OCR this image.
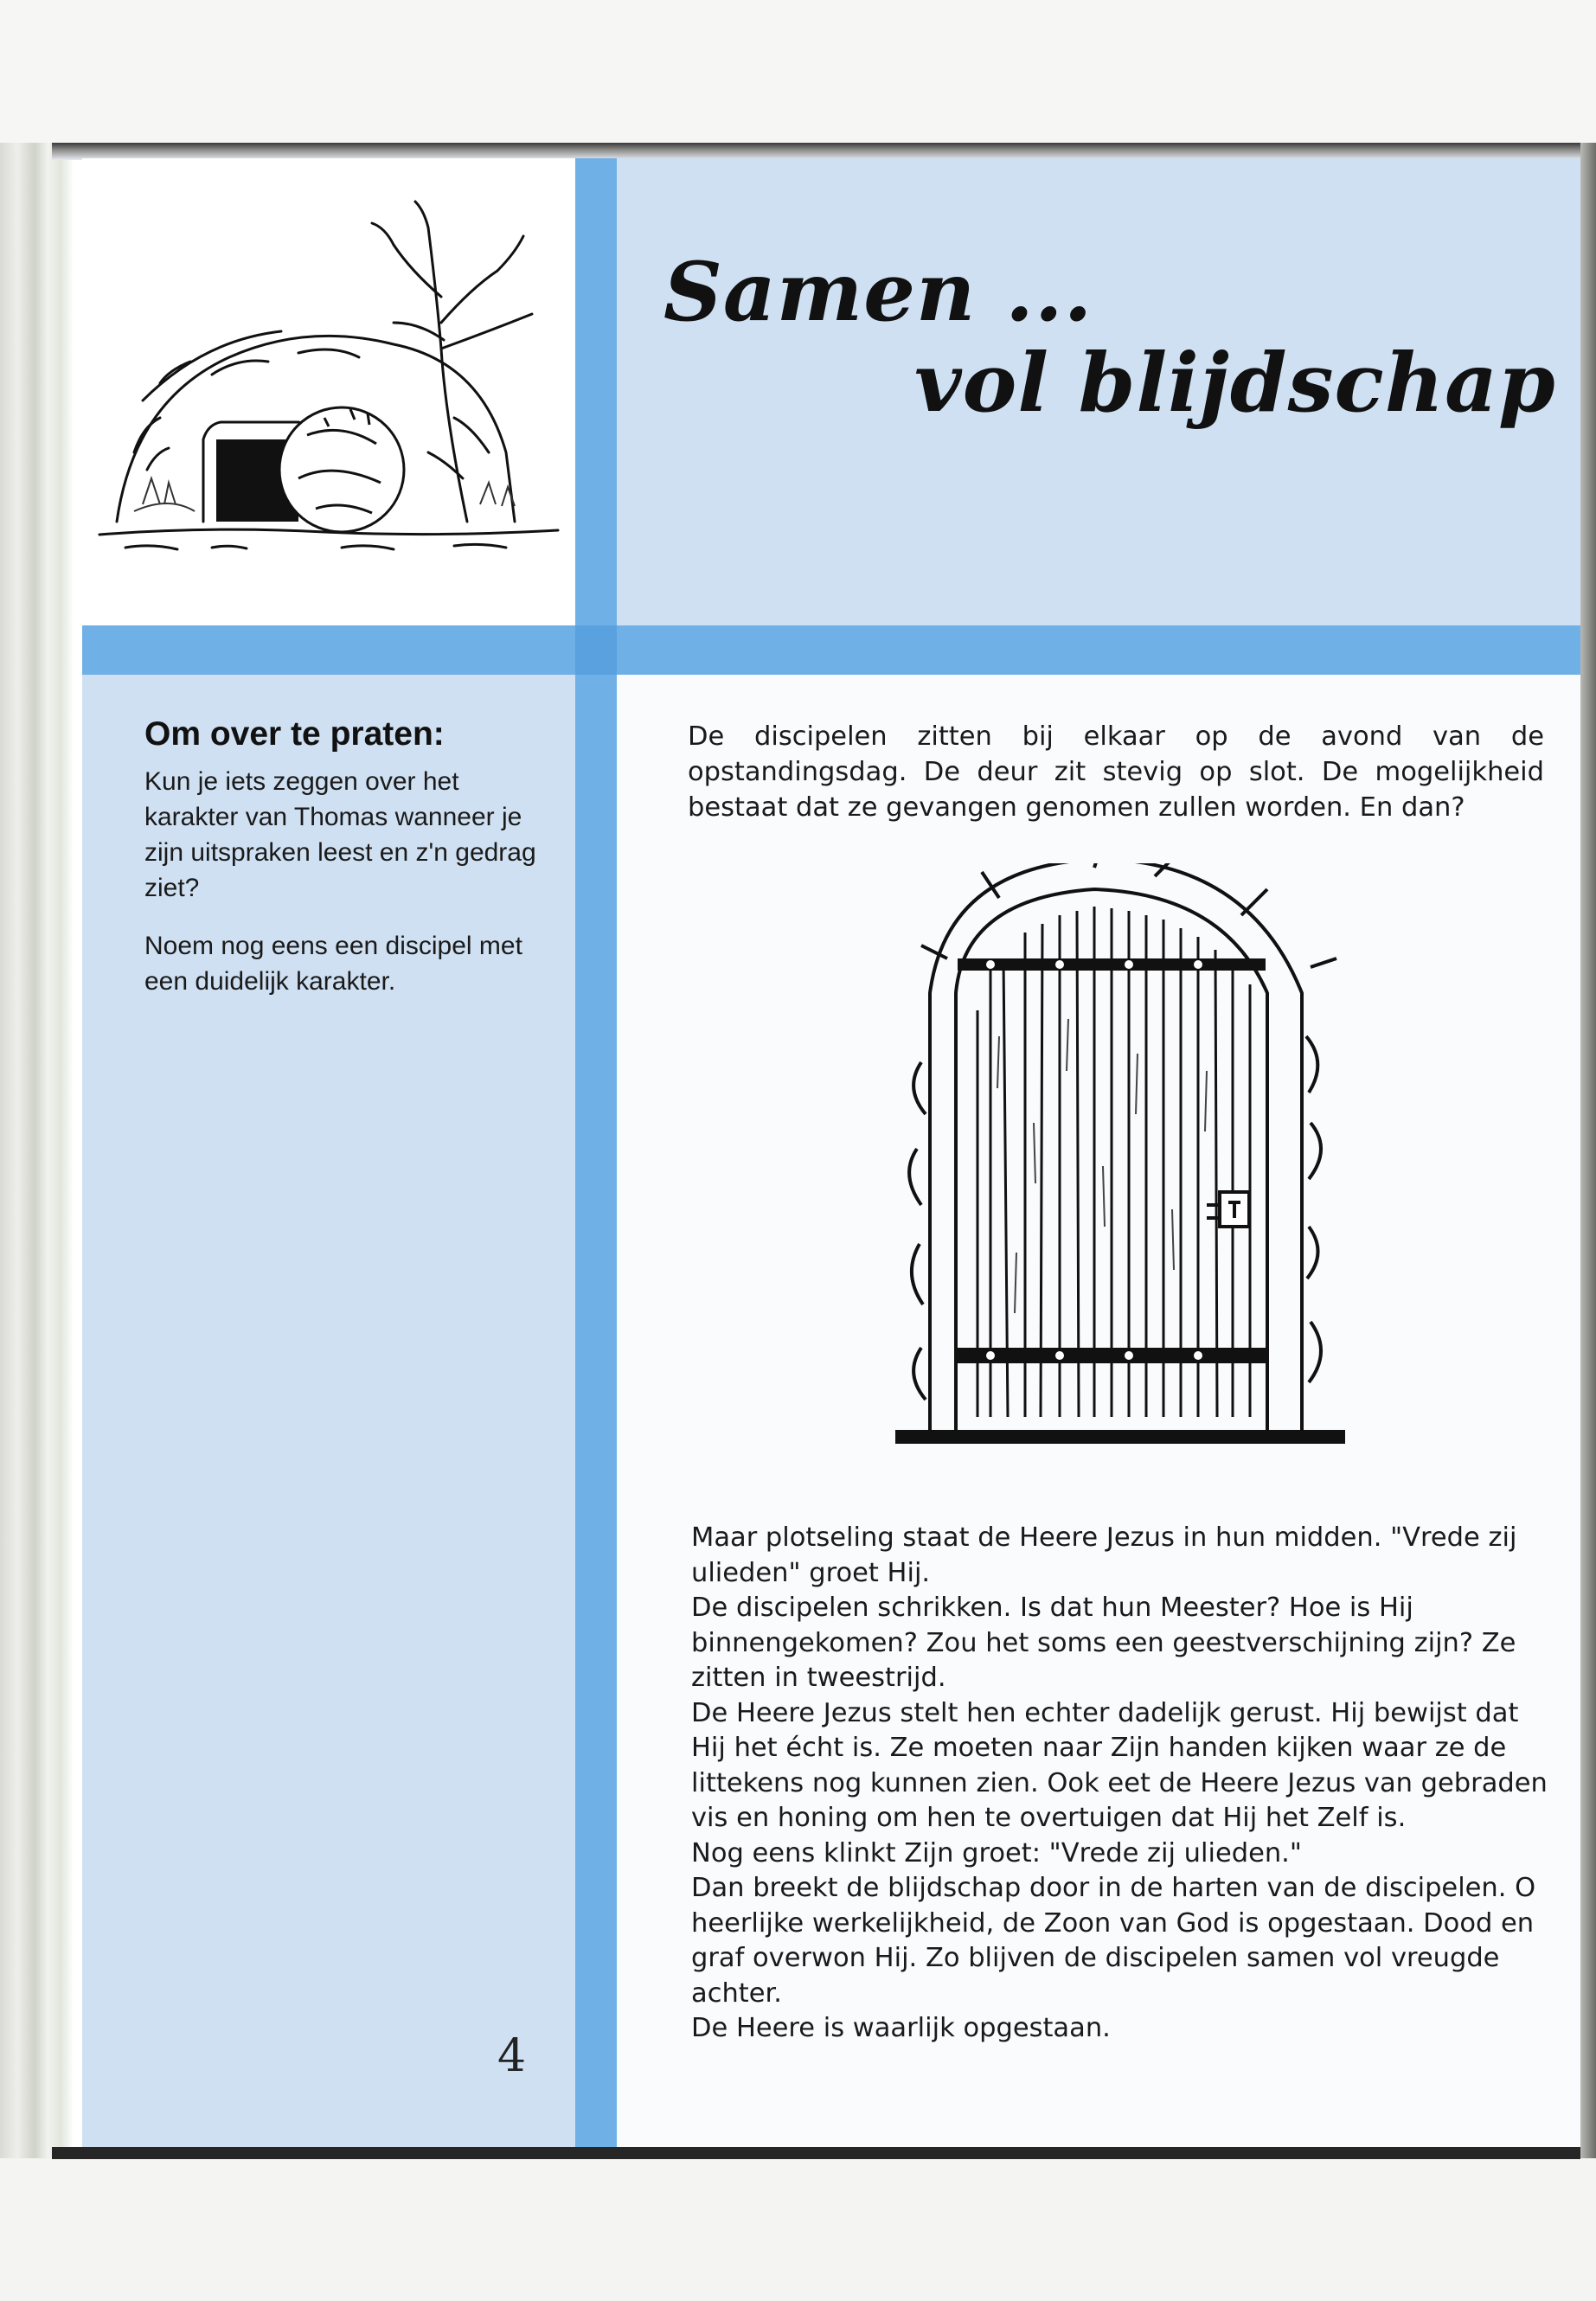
Samen ...
vol blijdschap
Om over te praten:

Kun je iets zeggen over het karakter van Thomas wanneer je zijn uitspraken leest en z'n gedrag ziet?

Noem nog eens een discipel met een duidelijk karakter.

4

De discipelen zitten bij elkaar op de avond van de opstandingsdag. De deur zit stevig op slot. De mogelijkheid bestaat dat ze gevangen genomen zullen worden. En dan?

Maar plotseling staat de Heere Jezus in hun midden. "Vrede zij ulieden" groet Hij.
De discipelen schrikken. Is dat hun Meester? Hoe is Hij binnengekomen? Zou het soms een geestverschijning zijn? Ze zitten in tweestrijd.
De Heere Jezus stelt hen echter dadelijk gerust. Hij bewijst dat Hij het écht is. Ze moeten naar Zijn handen kijken waar ze de littekens nog kunnen zien. Ook eet de Heere Jezus van gebraden vis en honing om hen te overtuigen dat Hij het Zelf is.
Nog eens klinkt Zijn groet: "Vrede zij ulieden."
Dan breekt de blijdschap door in de harten van de discipelen. O heerlijke werkelijkheid, de Zoon van God is opgestaan. Dood en graf overwon Hij. Zo blijven de discipelen samen vol vreugde achter.
De Heere is waarlijk opgestaan.
